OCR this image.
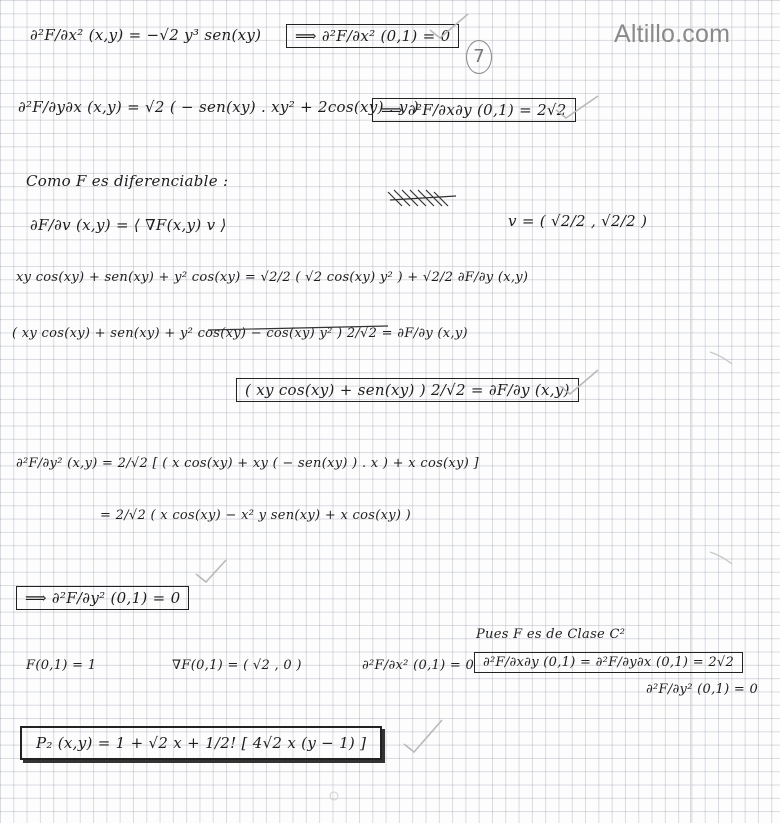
Altillo.com
7
∂²F/∂x² (x,y) = −√2 y³ sen(xy)	⟹ ∂²F/∂x² (0,1) = 0
∂²F/∂y∂x (x,y) = √2 ( − sen(xy) . xy² + 2cos(xy) . y )
⟹ ∂²F/∂x∂y (0,1) = 2√2
Como F es diferenciable :
∂F/∂v (x,y) = ⟨ ∇F(x,y) v ⟩	v = ( √2/2 , √2/2 )
xy cos(xy) + sen(xy) + y² cos(xy) = √2/2 ( √2 cos(xy) y² ) + √2/2 ∂F/∂y (x,y)
( xy cos(xy) + sen(xy) + y² cos(xy) − cos(xy) y² ) 2/√2 = ∂F/∂y (x,y)
( xy cos(xy) + sen(xy) ) 2/√2 = ∂F/∂y (x,y)
∂²F/∂y² (x,y) = 2/√2 [ ( x cos(xy) + xy ( − sen(xy) ) . x ) + x cos(xy) ]
= 2/√2 ( x cos(xy) − x² y sen(xy) + x cos(xy) )
⟹ ∂²F/∂y² (0,1) = 0
F(0,1) = 1	∇F(0,1) = ( √2 , 0 )	∂²F/∂x² (0,1) = 0
Pues F es de Clase C²
∂²F/∂x∂y (0,1) = ∂²F/∂y∂x (0,1) = 2√2
∂²F/∂y² (0,1) = 0
P₂ (x,y) = 1 + √2 x + 1/2! [ 4√2 x (y − 1) ]
